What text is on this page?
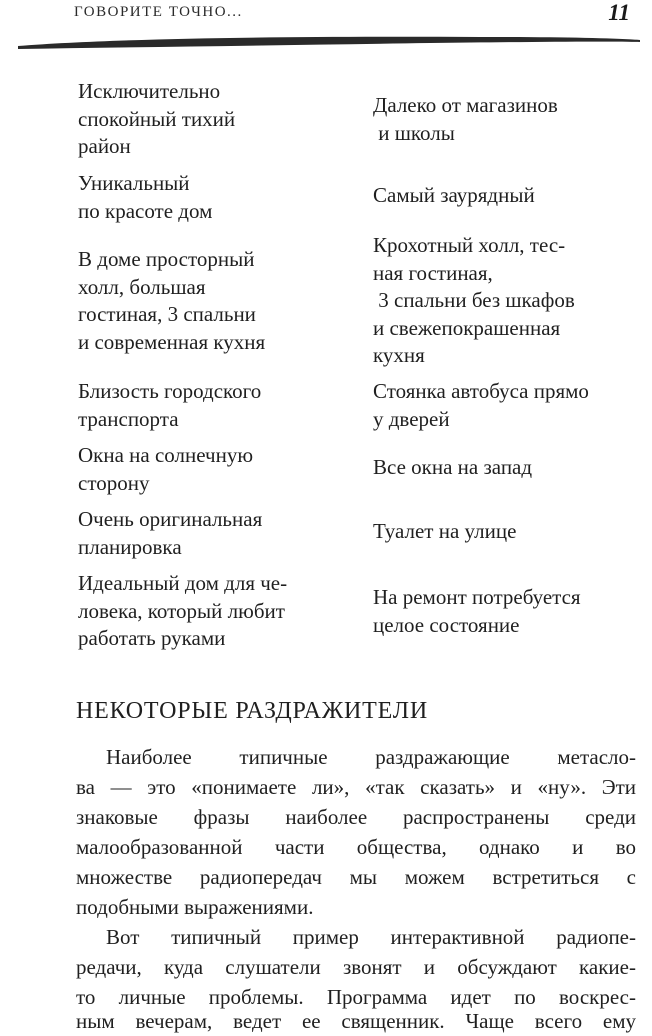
ГОВОРИТЕ ТОЧНО...	11
Исключительно
спокойный тихий
район
Далеко от магазинов
и школы
Уникальный
по красоте дом
Самый заурядный
В доме просторный
холл, большая
гостиная, 3 спальни
и современная кухня
Крохотный холл, тес-
ная гостиная,
3 спальни без шкафов
и свежепокрашенная
кухня
Близость городского
транспорта
Стоянка автобуса прямо
у дверей
Окна на солнечную
сторону
Все окна на запад
Очень оригинальная
планировка
Туалет на улице
Идеальный дом для че-
ловека, который любит
работать руками
На ремонт потребуется
целое состояние
НЕКОТОРЫЕ РАЗДРАЖИТЕЛИ
Наиболее типичные раздражающие метасло-
ва — это «понимаете ли», «так сказать» и «ну». Эти
знаковые фразы наиболее распространены среди
малообразованной части общества, однако и во
множестве радиопередач мы можем встретиться с
подобными выражениями.
Вот типичный пример интерактивной радиопе-
редачи, куда слушатели звонят и обсуждают какие-
то личные проблемы. Программа идет по воскрес-
ным вечерам, ведет ее священник. Чаще всего ему
